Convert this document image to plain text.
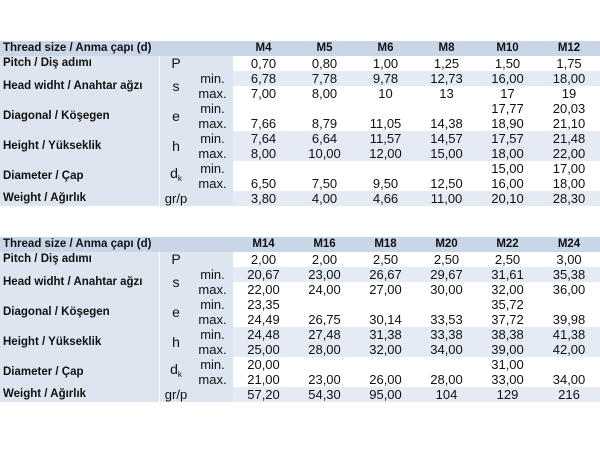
Thread size / Anma çapı (d)			M4	M5	M6	M8	M10	M12
Pitch / Diş adımı	P		0,70	0,80	1,00	1,25	1,50	1,75
Head widht / Anahtar ağzı	s	min.	6,78	7,78	9,78	12,73	16,00	18,00
		max.	7,00	8,00	10	13	17	19
Diagonal / Köşegen	e	min.					17,77	20,03
		max.	7,66	8,79	11,05	14,38	18,90	21,10
Height / Yükseklik	h	min.	7,64	6,64	11,57	14,57	17,57	21,48
		max.	8,00	10,00	12,00	15,00	18,00	22,00
Diameter / Çap	$d_k$	min.					15,00	17,00
		max.	6,50	7,50	9,50	12,50	16,00	18,00
Weight / Ağırlık	gr/p		3,80	4,00	4,66	11,00	20,10	28,30
Thread size / Anma çapı (d)			M14	M16	M18	M20	M22	M24
Pitch / Diş adımı	P		2,00	2,00	2,50	2,50	2,50	3,00
Head widht / Anahtar ağzı	s	min.	20,67	23,00	26,67	29,67	31,61	35,38
		max.	22,00	24,00	27,00	30,00	32,00	36,00
Diagonal / Köşegen	e	min.	23,35				35,72	
		max.	24,49	26,75	30,14	33,53	37,72	39,98
Height / Yükseklik	h	min.	24,48	27,48	31,38	33,38	38,38	41,38
		max.	25,00	28,00	32,00	34,00	39,00	42,00
Diameter / Çap	$d_k$	min.	20,00				31,00	
		max.	21,00	23,00	26,00	28,00	33,00	34,00
Weight / Ağırlık	gr/p		57,20	54,30	95,00	104	129	216
